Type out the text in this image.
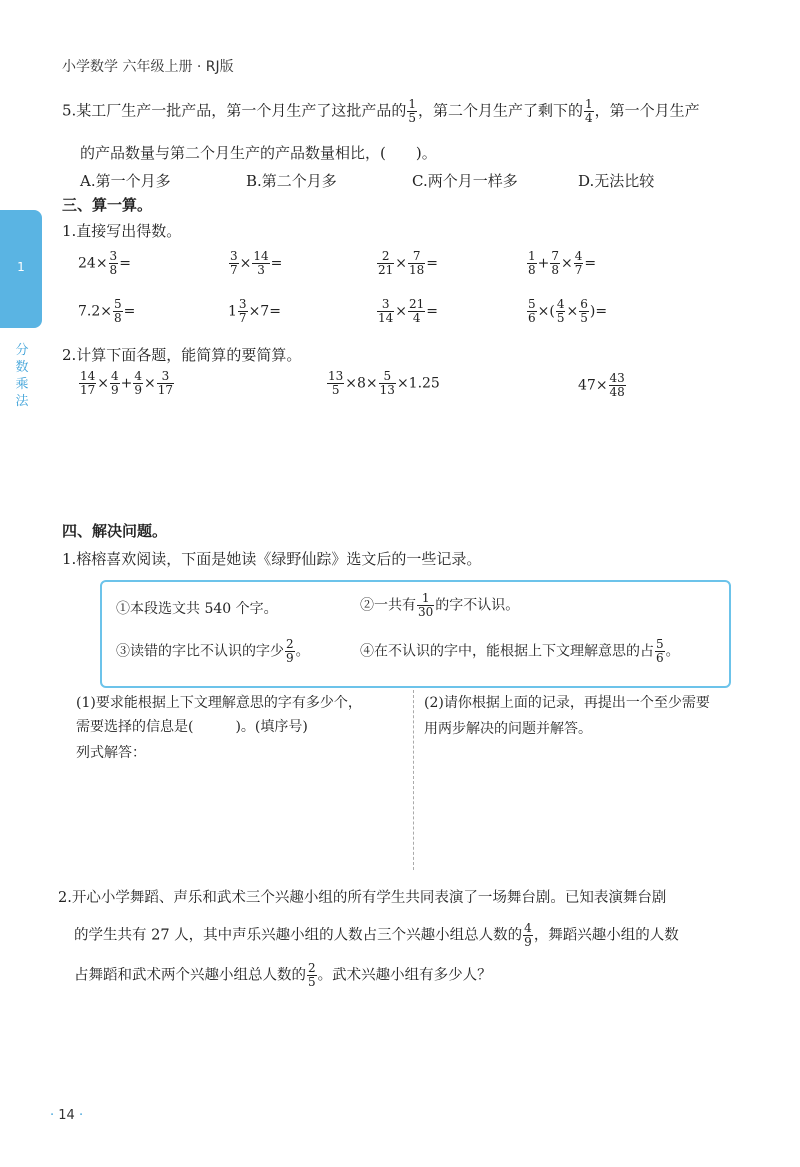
小学数学 六年级上册 · RJ版
1
分
数
乘
法
5.某工厂生产一批产品，第一个月生产了这批产品的 $\frac{1}{5}$ ，第二个月生产了剩下的 $\frac{1}{4}$ ，第一个月生产
的产品数量与第二个月生产的产品数量相比，(　　)。
A.第一个月多	B.第二个月多	C.两个月一样多	D.无法比较
三、算一算。
1.直接写出得数。
$24\times \frac{3}{8}$ =	$\frac{3}{7} \times \frac{14}{3}$ =	$\frac{2}{21} \times \frac{7}{18}$ =	$\frac{1}{8} + \frac{7}{8} \times \frac{4}{7}$ =
$7.2\times \frac{5}{8}$ =	$1 \frac{3}{7} \times 7=$	$\frac{3}{14} \times \frac{21}{4}$ =	$\frac{5}{6}$ ×( $\frac{4}{5} \times \frac{6}{5}$ )=
2.计算下面各题，能简算的要简算。
$\frac{14}{17} \times \frac{4}{9} + \frac{4}{9} \times \frac{3}{17}$	$\frac{13}{5} \times 8\times \frac{5}{13} \times 1.25$	$47\times \frac{43}{48}$
四、解决问题。
1.榕榕喜欢阅读，下面是她读《绿野仙踪》选文后的一些记录。
①本段选文共 540 个字。	②一共有 $\frac{1}{30}$ 的字不认识。
③读错的字比不认识的字少 $\frac{2}{9}$ 。	④在不认识的字中，能根据上下文理解意思的占 $\frac{5}{6}$ 。
(1)要求能根据上下文理解意思的字有多少个，
需要选择的信息是(　　　)。(填序号)
列式解答：
(2)请你根据上面的记录，再提出一个至少需要
用两步解决的问题并解答。
2.开心小学舞蹈、声乐和武术三个兴趣小组的所有学生共同表演了一场舞台剧。已知表演舞台剧
的学生共有 27 人，其中声乐兴趣小组的人数占三个兴趣小组总人数的 $\frac{4}{9}$ ，舞蹈兴趣小组的人数
占舞蹈和武术两个兴趣小组总人数的 $\frac{2}{5}$ 。武术兴趣小组有多少人？
· 14 ·
